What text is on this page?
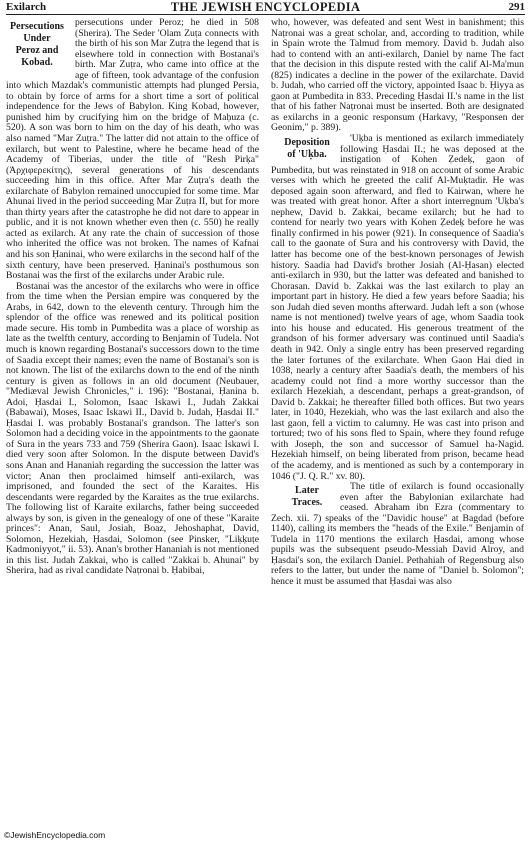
Exilarch	THE JEWISH ENCYCLOPEDIA	291

Persecutions
Under
Peroz and
Kobad.
persecutions under Peroz; he died in 508 (Sherira). The Seder 'Olam Zuṭa connects with the birth of his son Mar Zuṭra the legend that is elsewhere told in connection with Bostanai's birth. Mar Zuṭra, who came into office at the age of fifteen, took advantage of the confusion into which Mazdak's communistic attempts had plunged Persia, to obtain by force of arms for a short time a sort of political independence for the Jews of Babylon. King Kobad, however, punished him by crucifying him on the bridge of Maḥuza (c. 520). A son was born to him on the day of his death, who was also named "Mar Zuṭra." The latter did not attain to the office of exilarch, but went to Palestine, where he became head of the Academy of Tiberias, under the title of "Resh Pirḳa" (Ἀρχιφερεκίτης), several generations of his descendants succeeding him in this office. After Mar Zuṭra's death the exilarchate of Babylon remained unoccupied for some time. Mar Ahunai lived in the period succeeding Mar Zuṭra II, but for more than thirty years after the catastrophe he did not dare to appear in public, and it is not known whether even then (c. 550) he really acted as exilarch. At any rate the chain of succession of those who inherited the office was not broken. The names of Kafnai and his son Ḥaninai, who were exilarchs in the second half of the sixth century, have been preserved. Ḥaninai's posthumous son Bostanai was the first of the exilarchs under Arabic rule.

Bostanai was the ancestor of the exilarchs who were in office from the time when the Persian empire was conquered by the Arabs, in 642, down to the eleventh century. Through him the splendor of the office was renewed and its political position made secure. His tomb in Pumbedita was a place of worship as late as the twelfth century, according to Benjamin of Tudela. Not much is known regarding Bostanai's successors down to the time of Saadia except their names; even the name of Bostanai's son is not known. The list of the exilarchs down to the end of the ninth century is given as follows in an old document (Neubauer, "Mediæval Jewish Chronicles," i. 196): "Bostanai, Ḥanina b. Adoi, Ḥasdai I., Solomon, Isaac Iskawi I., Judah Zakkai (Babawai), Moses, Isaac Iskawi II., David b. Judah, Ḥasdai II." Ḥasdai I. was probably Bostanai's grandson. The latter's son Solomon had a deciding voice in the appointments to the gaonate of Sura in the years 733 and 759 (Sherira Gaon). Isaac Iskawi I. died very soon after Solomon. In the dispute between David's sons Anan and Hananiah regarding the succession the latter was victor; Anan then proclaimed himself anti-exilarch, was imprisoned, and founded the sect of the Karaites. His descendants were regarded by the Karaites as the true exilarchs. The following list of Karaite exilarchs, father being succeeded always by son, is given in the genealogy of one of these "Karaite princes": Anan, Saul, Josiah, Boaz, Jehoshaphat, David, Solomon, Hezekiah, Ḥasdai, Solomon (see Pinsker, "Liḳḳuṭe Ḳadmoniyyot," ii. 53). Anan's brother Hananiah is not mentioned in this list. Judah Zakkai, who is called "Zakkai b. Ahunai" by Sherira, had as rival candidate Naṭronai b. Ḥabibai,

who, however, was defeated and sent West in banishment; this Naṭronai was a great scholar, and, according to tradition, while in Spain wrote the Talmud from memory. David b. Judah also had to contend with an anti-exilarch, Daniel by name The fact that the decision in this dispute rested with the calif Al-Ma'mun (825) indicates a decline in the power of the exilarchate. David b. Judah, who carried off the victory, appointed Isaac b. Ḥiyya as gaon at Pumbedita in 833. Preceding Ḥasdai II.'s name in the list that of his father Naṭronai must be inserted. Both are designated as exilarchs in a geonic responsum (Harkavy, "Responsen der Geonim," p. 389).

Deposition
of 'Uḳba.
'Uḳba is mentioned as exilarch immediately following Ḥasdai II.; he was deposed at the instigation of Kohen Ẓedeḳ, gaon of Pumbedita, but was reinstated in 918 on account of some Arabic verses with which he greeted the calif Al-Muḳtadir. He was deposed again soon afterward, and fled to Kairwan, where he was treated with great honor. After a short interregnum 'Uḳba's nephew, David b. Zakkai, became exilarch; but he had to contend for nearly two years with Kohen Ẓedeḳ before he was finally confirmed in his power (921). In consequence of Saadia's call to the gaonate of Sura and his controversy with David, the latter has become one of the best-known personages of Jewish history. Saadia had David's brother Josiah (Al-Ḥasan) elected anti-exilarch in 930, but the latter was defeated and banished to Chorasan. David b. Zakkai was the last exilarch to play an important part in history. He died a few years before Saadia; his son Judah died seven months afterward. Judah left a son (whose name is not mentioned) twelve years of age, whom Saadia took into his house and educated. His generous treatment of the grandson of his former adversary was continued until Saadia's death in 942. Only a single entry has been preserved regarding the later fortunes of the exilarchate. When Gaon Hai died in 1038, nearly a century after Saadia's death, the members of his academy could not find a more worthy successor than the exilarch Hezekiah, a descendant, perhaps a great-grandson, of David b. Zakkai; he thereafter filled both offices. But two years later, in 1040, Hezekiah, who was the last exilarch and also the last gaon, fell a victim to calumny. He was cast into prison and tortured; two of his sons fled to Spain, where they found refuge with Joseph, the son and successor of Samuel ha-Nagid. Hezekiah himself, on being liberated from prison, became head of the academy, and is mentioned as such by a contemporary in 1046 ("J. Q. R." xv. 80).

Later
Traces.
The title of exilarch is found occasionally even after the Babylonian exilarchate had ceased. Abraham ibn Ezra (commentary to Zech. xii. 7) speaks of the "Davidic house" at Bagdad (before 1140), calling its members the "heads of the Exile." Benjamin of Tudela in 1170 mentions the exilarch Ḥasdai, among whose pupils was the subsequent pseudo-Messiah David Alroy, and Ḥasdai's son, the exilarch Daniel. Pethahiah of Regensburg also refers to the latter, but under the name of "Daniel b. Solomon"; hence it must be assumed that Ḥasdai was also

©JewishEncyclopedia.com
